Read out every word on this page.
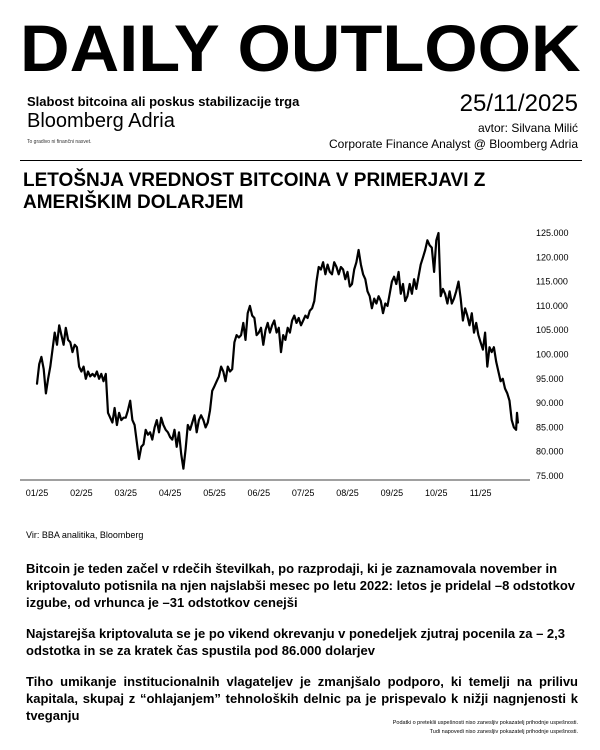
DAILY OUTLOOK
Slabost bitcoina ali poskus stabilizacije trga
Bloomberg Adria
To gradivo ni finančni nasvet.
25/11/2025
avtor: Silvana Milić
Corporate Finance Analyst @ Bloomberg Adria
LETOŠNJA VREDNOST BITCOINA V PRIMERJAVI Z AMERIŠKIM DOLARJEM
75.000
80.000
85.000
90.000
95.000
100.000
105.000
110.000
115.000
120.000
125.000
01/25 02/25 03/25 04/25 05/25 06/25 07/25 08/25 09/25 10/25 11/25
Vir: BBA analitika, Bloomberg
Bitcoin je teden začel v rdečih številkah, po razprodaji, ki je zaznamovala november in kriptovaluto potisnila na njen najslabši mesec po letu 2022: letos je pridelal –8 odstotkov izgube, od vrhunca je –31 odstotkov cenejši
Najstarejša kriptovaluta se je po vikend okrevanju v ponedeljek zjutraj pocenila za – 2,3 odstotka in se za kratek čas spustila pod 86.000 dolarjev
Tiho umikanje institucionalnih vlagateljev je zmanjšalo podporo, ki temelji na prilivu kapitala, skupaj z “ohlajanjem” tehnoloških delnic pa je prispevalo k nižji nagnjenosti k tveganju	Podatki o preteklii uspešnosti niso zanesljiv pokazatelj prihodnje uspešnosti.
Tudi napovedi niso zanesljiv pokazatelj prihodnje uspešnosti.
